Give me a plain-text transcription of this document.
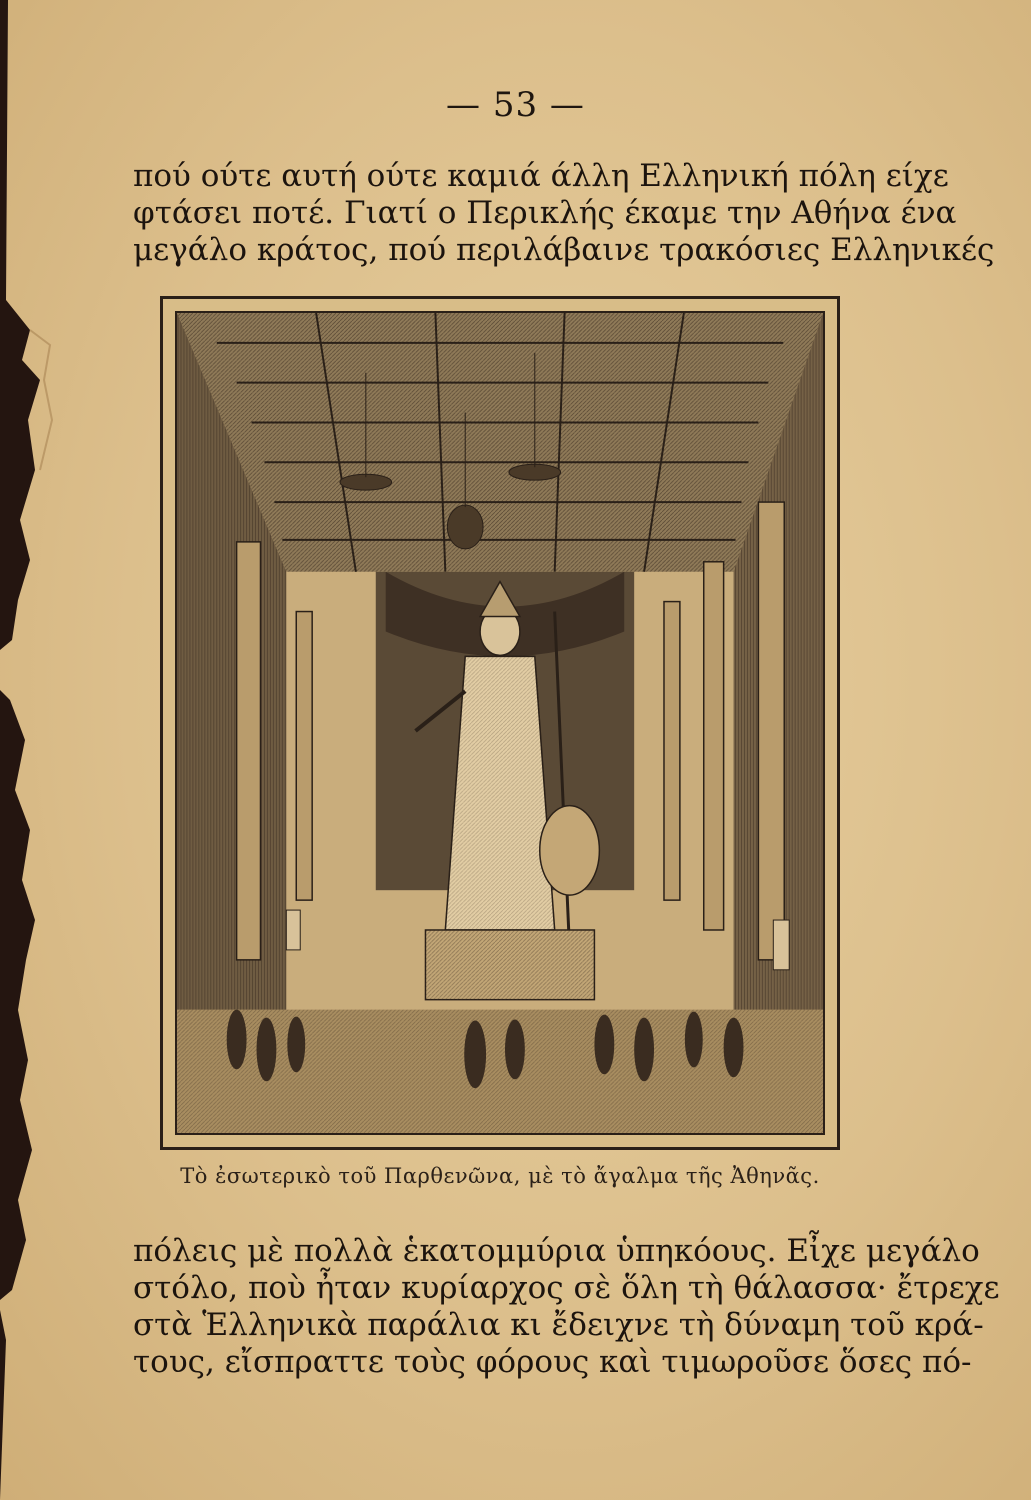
— 53 —
πού ούτε αυτή ούτε καμιά άλλη Ελληνική πόλη είχε
φτάσει ποτέ. Γιατί ο Περικλής έκαμε την Αθήνα ένα
μεγάλο κράτος, πού περιλάβαινε τρακόσιες Ελληνικές
Τὸ ἐσωτερικὸ τοῦ Παρθενῶνα, μὲ τὸ ἄγαλμα τῆς Ἀθηνᾶς.
πόλεις μὲ πολλὰ ἑκατομμύρια ὑπηκόους. Εἶχε μεγάλο
στόλο, ποὺ ἦταν κυρίαρχος σὲ ὅλη τὴ θάλασσα· ἔτρεχε
στὰ Ἑλληνικὰ παράλια κι ἔδειχνε τὴ δύναμη τοῦ κρά-
τους, εἴσπραττε τοὺς φόρους καὶ τιμωροῦσε ὅσες πό-
